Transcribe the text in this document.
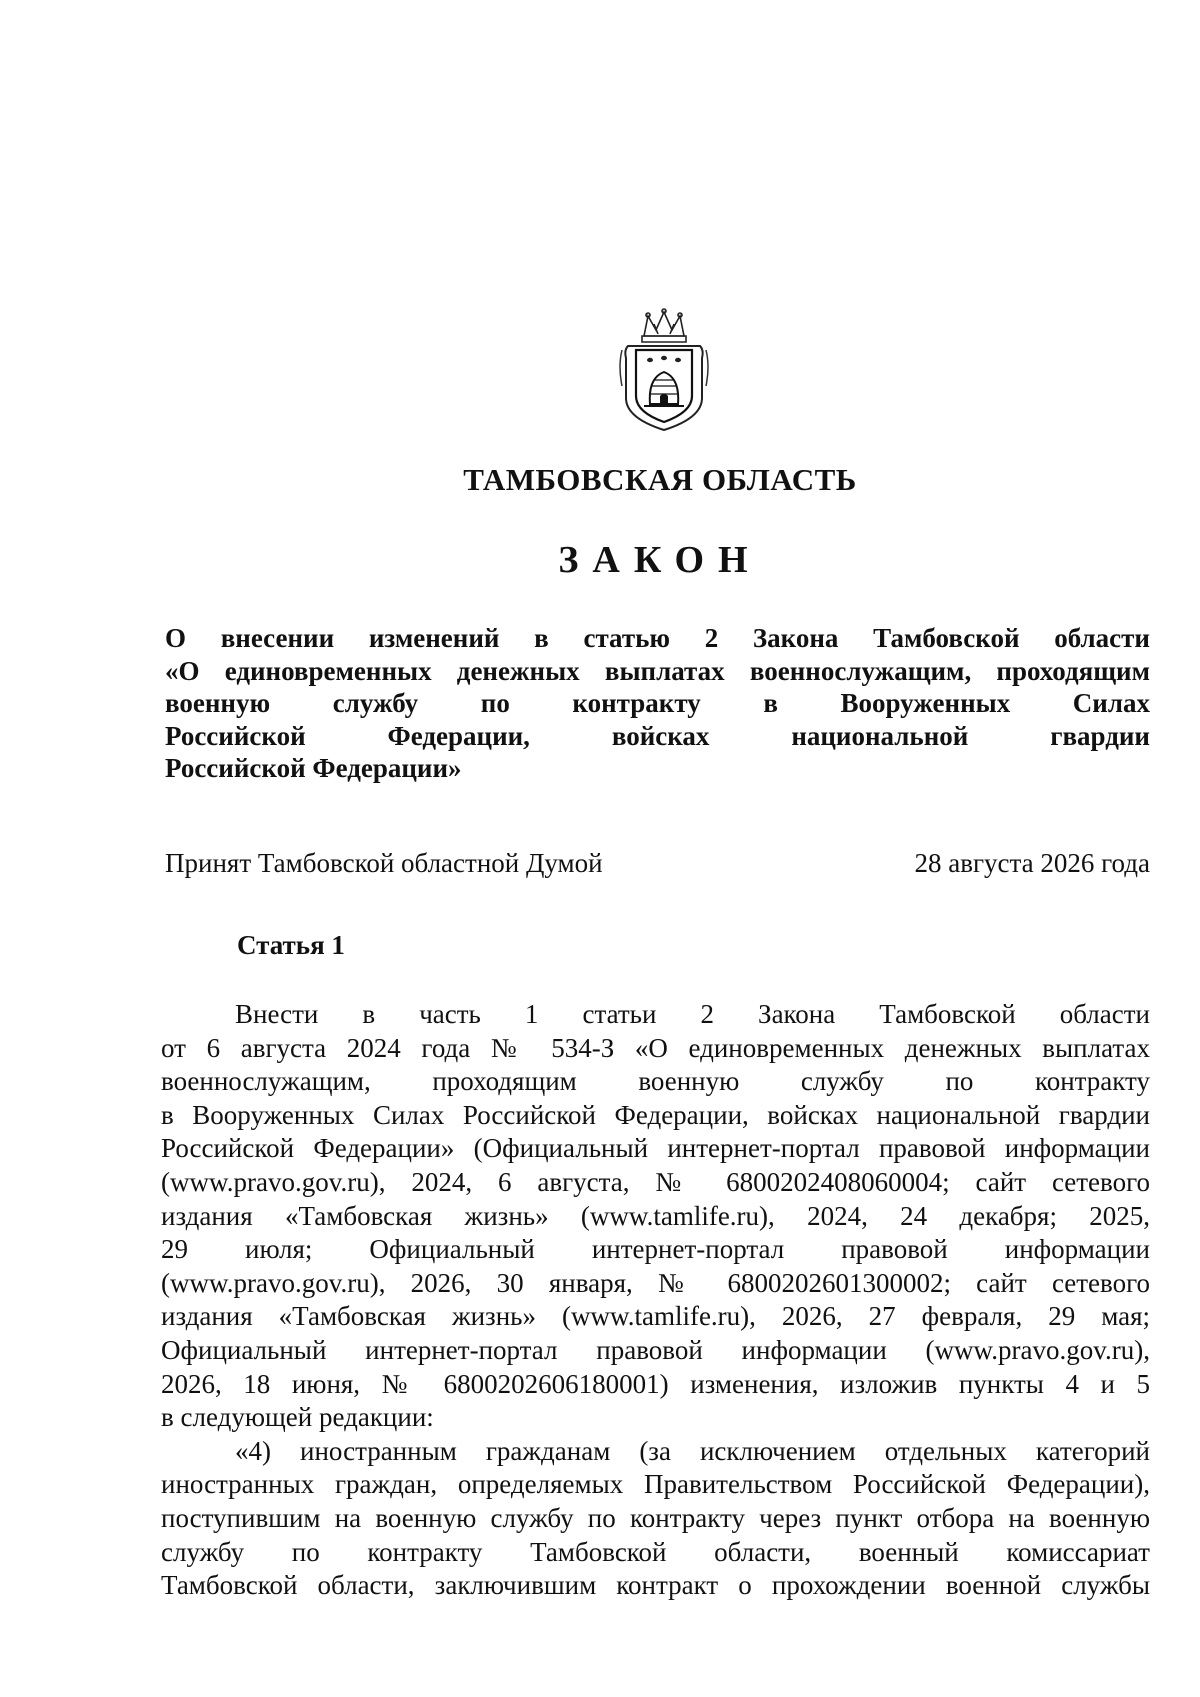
ТАМБОВСКАЯ ОБЛАСТЬ
ЗАКОН
О внесении изменений в статью 2 Закона Тамбовской области
«О единовременных денежных выплатах военнослужащим, проходящим
военную службу по контракту в Вооруженных Силах
Российской Федерации, войсках национальной гвардии
Российской Федерации»
Принят Тамбовской областной Думой	28 августа 2026 года
Статья 1
Внести в часть 1 статьи 2 Закона Тамбовской области
от 6 августа 2024 года № 534-З «О единовременных денежных выплатах
военнослужащим, проходящим военную службу по контракту
в Вооруженных Силах Российской Федерации, войсках национальной гвардии
Российской Федерации» (Официальный интернет-портал правовой информации
(www.pravo.gov.ru), 2024, 6 августа, № 6800202408060004; сайт сетевого
издания «Тамбовская жизнь» (www.tamlife.ru), 2024, 24 декабря; 2025,
29 июля; Официальный интернет-портал правовой информации
(www.pravo.gov.ru), 2026, 30 января, № 6800202601300002; сайт сетевого
издания «Тамбовская жизнь» (www.tamlife.ru), 2026, 27 февраля, 29 мая;
Официальный интернет-портал правовой информации (www.pravo.gov.ru),
2026, 18 июня, № 6800202606180001) изменения, изложив пункты 4 и 5
в следующей редакции:
«4) иностранным гражданам (за исключением отдельных категорий
иностранных граждан, определяемых Правительством Российской Федерации),
поступившим на военную службу по контракту через пункт отбора на военную
службу по контракту Тамбовской области, военный комиссариат
Тамбовской области, заключившим контракт о прохождении военной службы
